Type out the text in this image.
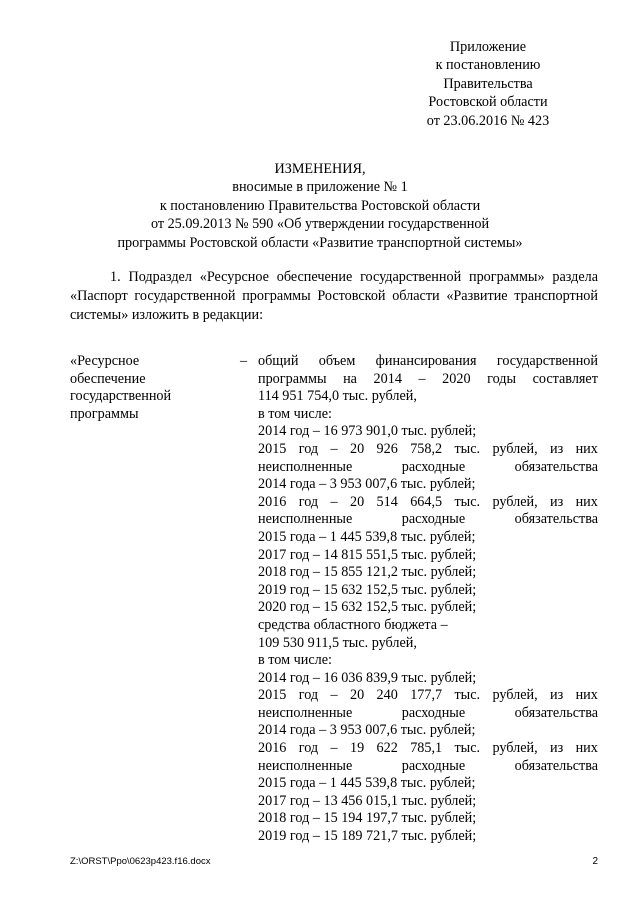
Приложение
к постановлению
Правительства
Ростовской области
от 23.06.2016 № 423
ИЗМЕНЕНИЯ,
вносимые в приложение № 1
к постановлению Правительства Ростовской области
от 25.09.2013 № 590 «Об утверждении государственной
программы Ростовской области «Развитие транспортной системы»
1. Подраздел «Ресурсное обеспечение государственной программы» раздела «Паспорт государственной программы Ростовской области «Развитие транспортной системы» изложить в редакции:
«Ресурсное
обеспечение
государственной
программы
– общий объем финансирования государственной
программы на 2014 – 2020 годы составляет
114 951 754,0 тыс. рублей,
в том числе:
2014 год – 16 973 901,0 тыс. рублей;
2015 год – 20 926 758,2 тыс. рублей, из них
неисполненные	расходные	обязательства
2014 года – 3 953 007,6 тыс. рублей;
2016 год – 20 514 664,5 тыс. рублей, из них
неисполненные	расходные	обязательства
2015 года – 1 445 539,8 тыс. рублей;
2017 год – 14 815 551,5 тыс. рублей;
2018 год – 15 855 121,2 тыс. рублей;
2019 год – 15 632 152,5 тыс. рублей;
2020 год – 15 632 152,5 тыс. рублей;
средства областного бюджета –
109 530 911,5 тыс. рублей,
в том числе:
2014 год – 16 036 839,9 тыс. рублей;
2015 год – 20 240 177,7 тыс. рублей, из них
неисполненные	расходные	обязательства
2014 года – 3 953 007,6 тыс. рублей;
2016 год – 19 622 785,1 тыс. рублей, из них
неисполненные	расходные	обязательства
2015 года – 1 445 539,8 тыс. рублей;
2017 год – 13 456 015,1 тыс. рублей;
2018 год – 15 194 197,7 тыс. рублей;
2019 год – 15 189 721,7 тыс. рублей;
Z:\ORST\Ppo\0623p423.f16.docx	2
